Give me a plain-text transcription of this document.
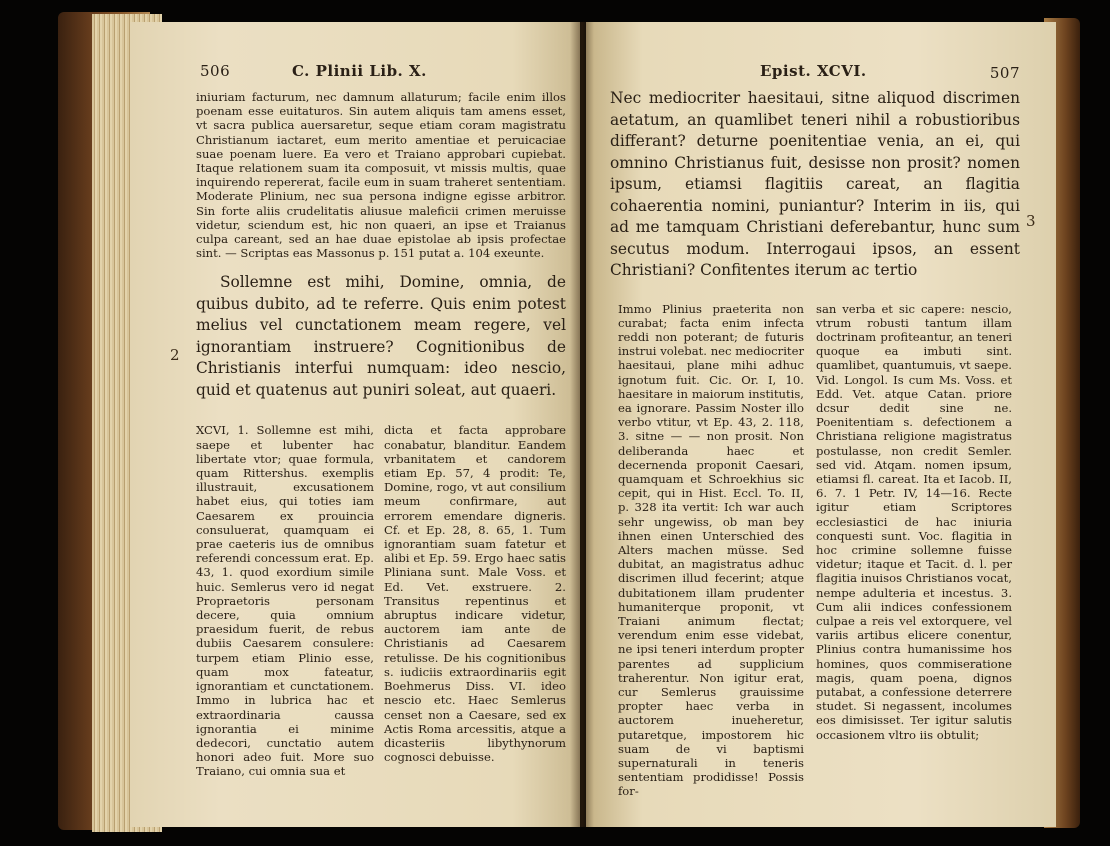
506	C. Plinii Lib. X.

iniuriam facturum, nec damnum allaturum; facile enim illos poenam esse euitaturos. Sin autem aliquis tam amens esset, vt sacra publica auersaretur, seque etiam coram magistratu Christianum iactaret, eum merito amentiae et peruicaciae suae poenam luere. Ea vero et Traiano approbari cupiebat. Itaque relationem suam ita composuit, vt missis multis, quae inquirendo repererat, facile eum in suam traheret sententiam. Moderate Plinium, nec sua persona indigne egisse arbitror. Sin forte aliis crudelitatis aliusue maleficii crimen meruisse videtur, sciendum est, hic non quaeri, an ipse et Traianus culpa careant, sed an hae duae epistolae ab ipsis profectae sint. — Scriptas eas Massonus p. 151 putat a. 104 exeunte.

Sollemne est mihi, Domine, omnia, de quibus dubito, ad te referre. Quis enim potest melius vel cunctationem meam regere, vel ignorantiam instruere? Cognitionibus de Christianis interfui numquam: ideo nescio, quid et quatenus aut puniri soleat, aut quaeri.

XCVI, 1. Sollemne est mihi, saepe et lubenter hac libertate vtor; quae formula, quam Rittershus. exemplis illustrauit, excusationem habet eius, qui toties iam Caesarem ex prouincia consuluerat, quamquam ei prae caeteris ius de omnibus referendi concessum erat. Ep. 43, 1. quod exordium simile huic. Semlerus vero id negat Propraetoris personam decere, quia omnium praesidum fuerit, de rebus dubiis Caesarem consulere: turpem etiam Plinio esse, quam mox fateatur, ignorantiam et cunctationem. Immo in lubrica hac et extraordinaria caussa ignorantia ei minime dedecori, cunctatio autem honori adeo fuit. More suo Traiano, cui omnia sua et

dicta et facta approbare conabatur, blanditur. Eandem vrbanitatem et candorem etiam Ep. 57, 4 prodit: Te, Domine, rogo, vt aut consilium meum confirmare, aut errorem emendare digneris. Cf. et Ep. 28, 8. 65, 1. Tum ignorantiam suam fatetur et alibi et Ep. 59. Ergo haec satis Pliniana sunt. Male Voss. et Ed. Vet. exstruere. 2. Transitus repentinus et abruptus indicare videtur, auctorem iam ante de Christianis ad Caesarem retulisse. De his cognitionibus s. iudiciis extraordinariis egit Boehmerus Diss. VI. ideo nescio etc. Haec Semlerus censet non a Caesare, sed ex Actis Roma arcessitis, atque a dicasteriis libythynorum cognosci debuisse.

2
Epist. XCVI.	507

Nec mediocriter haesitaui, sitne aliquod discrimen aetatum, an quamlibet teneri nihil a robustioribus differant? deturne poenitentiae venia, an ei, qui omnino Christianus fuit, desisse non prosit? nomen ipsum, etiamsi flagitiis careat, an flagitia cohaerentia nomini, puniantur? Interim in iis, qui ad me tamquam Christiani deferebantur, hunc sum secutus modum. Interrogaui ipsos, an essent Christiani? Confitentes iterum ac tertio

Immo Plinius praeterita non curabat; facta enim infecta reddi non poterant; de futuris instrui volebat. nec mediocriter haesitaui, plane mihi adhuc ignotum fuit. Cic. Or. I, 10. haesitare in maiorum institutis, ea ignorare. Passim Noster illo verbo vtitur, vt Ep. 43, 2. 118, 3. sitne — — non prosit. Non deliberanda haec et decernenda proponit Caesari, quamquam et Schroekhius sic cepit, qui in Hist. Eccl. To. II, p. 328 ita vertit: Ich war auch sehr ungewiss, ob man bey ihnen einen Unterschied des Alters machen müsse. Sed dubitat, an magistratus adhuc discrimen illud fecerint; atque dubitationem illam prudenter humaniterque proponit, vt Traiani animum flectat; verendum enim esse videbat, ne ipsi teneri interdum propter parentes ad supplicium traherentur. Non igitur erat, cur Semlerus grauissime propter haec verba in auctorem inueheretur, putaretque, impostorem hic suam de vi baptismi supernaturali in teneris sententiam prodidisse! Possis for-

san verba et sic capere: nescio, vtrum robusti tantum illam doctrinam profiteantur, an teneri quoque ea imbuti sint. quamlibet, quantumuis, vt saepe. Vid. Longol. Is cum Ms. Voss. et Edd. Vet. atque Catan. priore dcsur dedit sine ne. Poenitentiam s. defectionem a Christiana religione magistratus postulasse, non credit Semler. sed vid. Atqam. nomen ipsum, etiamsi fl. careat. Ita et Iacob. II, 6. 7. 1 Petr. IV, 14—16. Recte igitur etiam Scriptores ecclesiastici de hac iniuria conquesti sunt. Voc. flagitia in hoc crimine sollemne fuisse videtur; itaque et Tacit. d. l. per flagitia inuisos Christianos vocat, nempe adulteria et incestus. 3. Cum alii indices confessionem culpae a reis vel extorquere, vel variis artibus elicere conentur, Plinius contra humanissime hos homines, quos commiseratione magis, quam poena, dignos putabat, a confessione deterrere studet. Si negassent, incolumes eos dimisisset. Ter igitur salutis occasionem vltro iis obtulit;

3
